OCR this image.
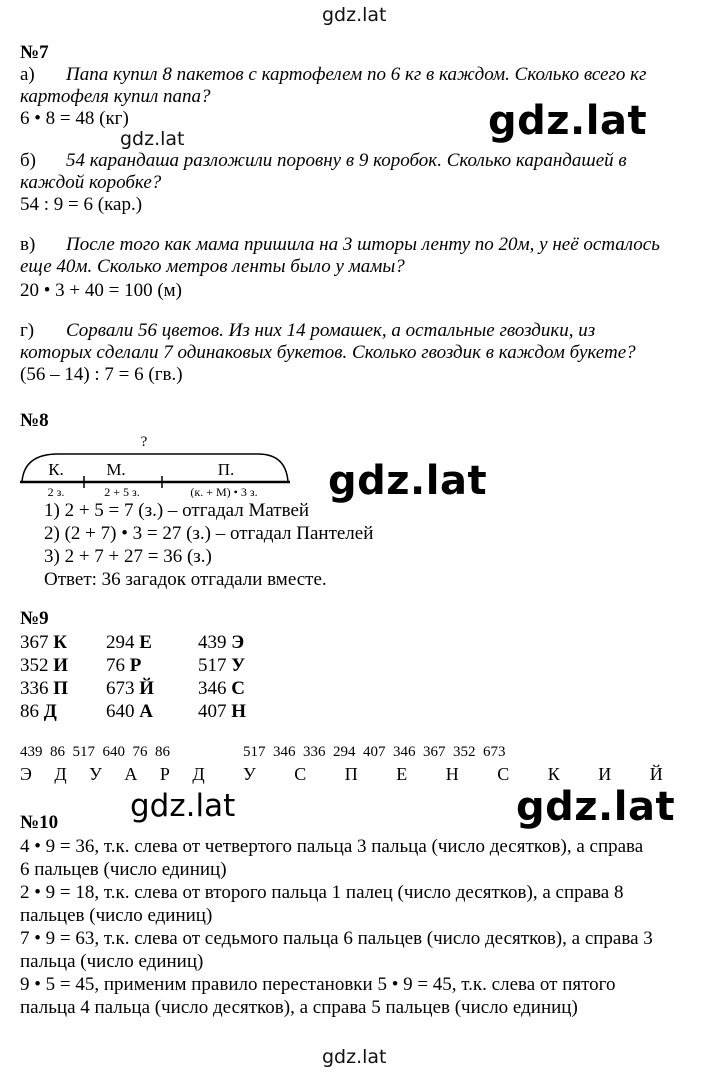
gdz.lat
gdz.lat	gdz.lat
gdz.lat
gdz.lat	gdz.lat
gdz.lat
№7
а) Папа купил 8 пакетов с картофелем по 6 кг в каждом. Сколько всего кг
картофеля купил папа?
6 • 8 = 48 (кг)
б) 54 карандаша разложили поровну в 9 коробок. Сколько карандашей в
каждой коробке?
54 : 9 = 6 (кар.)
в) После того как мама пришила на 3 шторы ленту по 20м, у неё осталось
еще 40м. Сколько метров ленты было у мамы?
20 • 3 + 40 = 100 (м)
г) Сорвали 56 цветов. Из них 14 ромашек, а остальные гвоздики, из
которых сделали 7 одинаковых букетов. Сколько гвоздик в каждом букете?
(56 – 14) : 7 = 6 (гв.)
№8
?
К.	М.	П.
2 з.	2 + 5 з.	(к. + М) • 3 з.
1) 2 + 5 = 7 (з.) – отгадал Матвей
2) (2 + 7) • 3 = 27 (з.) – отгадал Пантелей
3) 2 + 7 + 27 = 36 (з.)
Ответ: 36 загадок отгадали вместе.
№9
367 К 294 Е 439 Э
352 И 76 Р	517 У
336 П 673 Й 346 С
86 Д	640 А 407 Н
439  86  517  640  76  86
Э Д У А Р Д
517  346  336  294  407  346  367  352  673
У С П Е Н С К И Й
№10
4 • 9 = 36, т.к. слева от четвертого пальца 3 пальца (число десятков), а справа
6 пальцев (число единиц)
2 • 9 = 18, т.к. слева от второго пальца 1 палец (число десятков), а справа 8
пальцев (число единиц)
7 • 9 = 63, т.к. слева от седьмого пальца 6 пальцев (число десятков), а справа 3
пальца (число единиц)
9 • 5 = 45, применим правило перестановки 5 • 9 = 45, т.к. слева от пятого
пальца 4 пальца (число десятков), а справа 5 пальцев (число единиц)
